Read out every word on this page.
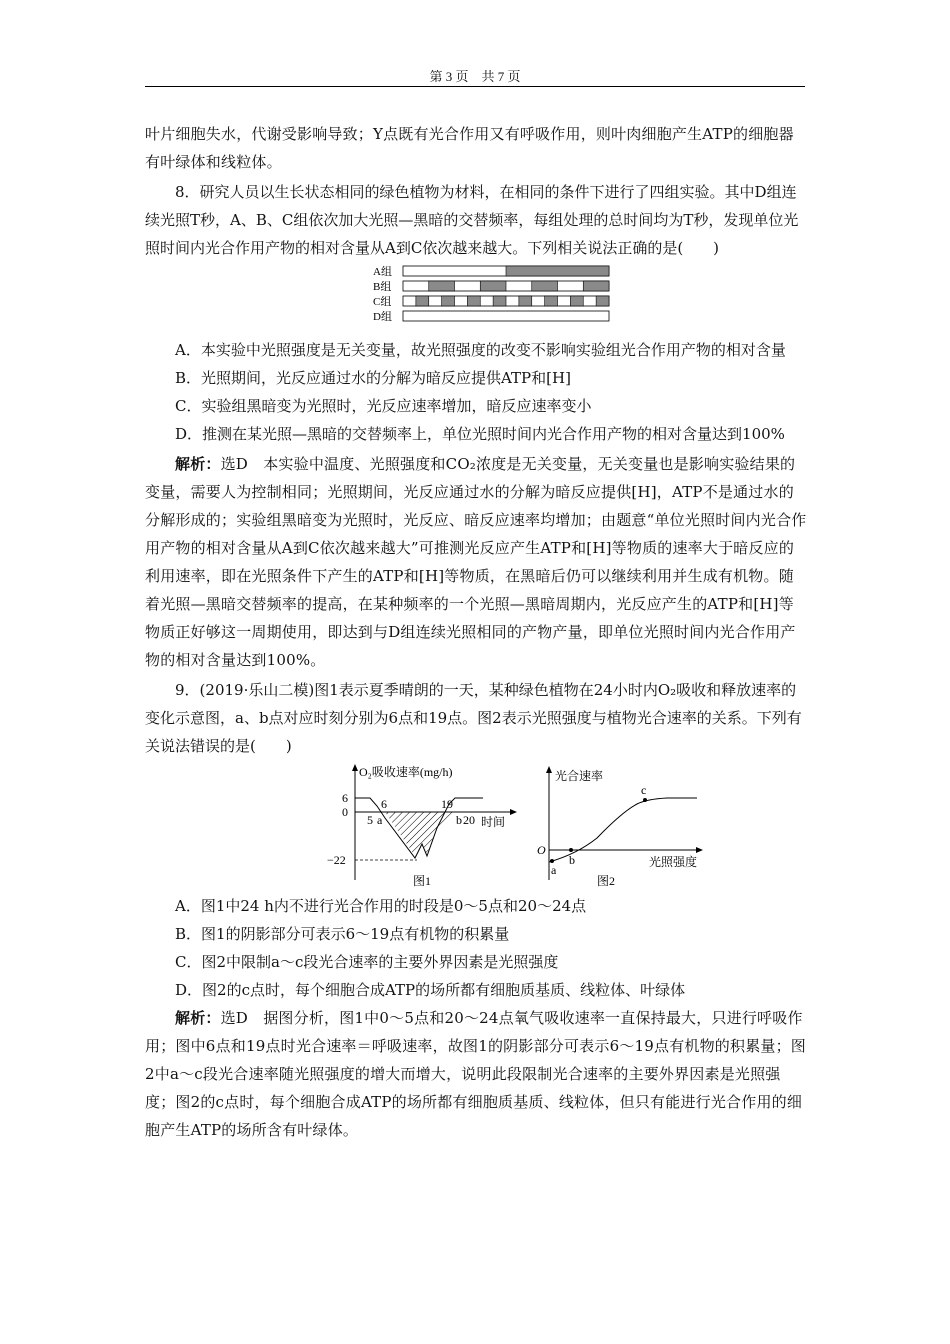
第 3 页　共 7 页

叶片细胞失水，代谢受影响导致；Y点既有光合作用又有呼吸作用，则叶肉细胞产生ATP的细胞器有叶绿体和线粒体。

8．研究人员以生长状态相同的绿色植物为材料，在相同的条件下进行了四组实验。其中D组连续光照T秒，A、B、C组依次加大光照—黑暗的交替频率，每组处理的总时间均为T秒，发现单位光照时间内光合作用产物的相对含量从A到C依次越来越大。下列相关说法正确的是(　　)

A组
B组
C组
D组

A．本实验中光照强度是无关变量，故光照强度的改变不影响实验组光合作用产物的相对含量

B．光照期间，光反应通过水的分解为暗反应提供ATP和[H]

C．实验组黑暗变为光照时，光反应速率增加，暗反应速率变小

D．推测在某光照—黑暗的交替频率上，单位光照时间内光合作用产物的相对含量达到100%

解析：选D　本实验中温度、光照强度和CO₂浓度是无关变量，无关变量也是影响实验结果的变量，需要人为控制相同；光照期间，光反应通过水的分解为暗反应提供[H]，ATP不是通过水的分解形成的；实验组黑暗变为光照时，光反应、暗反应速率均增加；由题意“单位光照时间内光合作用产物的相对含量从A到C依次越来越大”可推测光反应产生ATP和[H]等物质的速率大于暗反应的利用速率，即在光照条件下产生的ATP和[H]等物质，在黑暗后仍可以继续利用并生成有机物。随着光照—黑暗交替频率的提高，在某种频率的一个光照—黑暗周期内，光反应产生的ATP和[H]等物质正好够这一周期使用，即达到与D组连续光照相同的产物产量，即单位光照时间内光合作用产物的相对含量达到100%。

9．(2019·乐山二模)图1表示夏季晴朗的一天，某种绿色植物在24小时内O₂吸收和释放速率的变化示意图，a、b点对应时刻分别为6点和19点。图2表示光照强度与植物光合速率的关系。下列有关说法错误的是(　　)

O₂吸收速率(mg/h)
6
0
−22
6	19
5 a	b 20 时间
图1
光合速率
O
a
b
c
光照强度
图2

A．图1中24 h内不进行光合作用的时段是0～5点和20～24点

B．图1的阴影部分可表示6～19点有机物的积累量

C．图2中限制a～c段光合速率的主要外界因素是光照强度

D．图2的c点时，每个细胞合成ATP的场所都有细胞质基质、线粒体、叶绿体

解析：选D　据图分析，图1中0～5点和20～24点氧气吸收速率一直保持最大，只进行呼吸作用；图中6点和19点时光合速率＝呼吸速率，故图1的阴影部分可表示6～19点有机物的积累量；图2中a～c段光合速率随光照强度的增大而增大，说明此段限制光合速率的主要外界因素是光照强度；图2的c点时，每个细胞合成ATP的场所都有细胞质基质、线粒体，但只有能进行光合作用的细胞产生ATP的场所含有叶绿体。
